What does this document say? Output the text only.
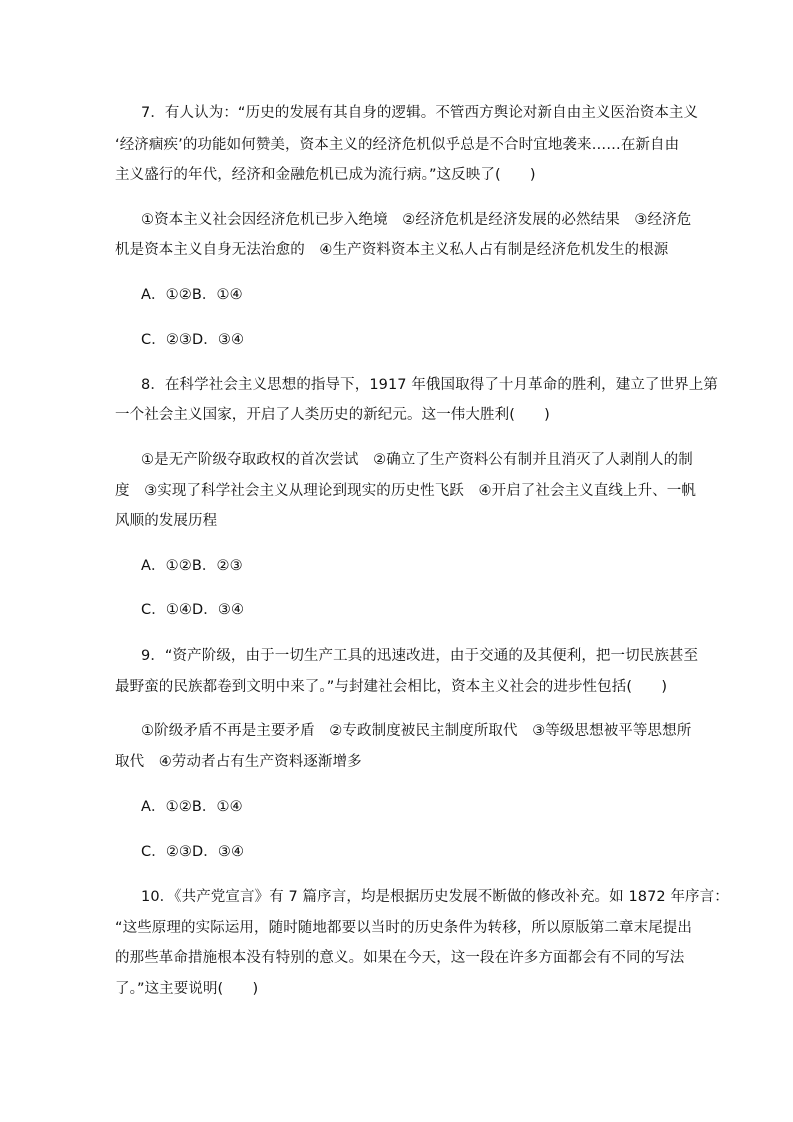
7．有人认为：“历史的发展有其自身的逻辑。不管西方舆论对新自由主义医治资本主义
‘经济痼疾’的功能如何赞美，资本主义的经济危机似乎总是不合时宜地袭来……在新自由
主义盛行的年代，经济和金融危机已成为流行病。”这反映了(　　)
①资本主义社会因经济危机已步入绝境　②经济危机是经济发展的必然结果　③经济危
机是资本主义自身无法治愈的　④生产资料资本主义私人占有制是经济危机发生的根源
A．①②B．①④
C．②③D．③④
8．在科学社会主义思想的指导下，1917 年俄国取得了十月革命的胜利，建立了世界上第
一个社会主义国家，开启了人类历史的新纪元。这一伟大胜利(　　)
①是无产阶级夺取政权的首次尝试　②确立了生产资料公有制并且消灭了人剥削人的制
度　③实现了科学社会主义从理论到现实的历史性飞跃　④开启了社会主义直线上升、一帆
风顺的发展历程
A．①②B．②③
C．①④D．③④
9．“资产阶级，由于一切生产工具的迅速改进，由于交通的及其便利，把一切民族甚至
最野蛮的民族都卷到文明中来了。”与封建社会相比，资本主义社会的进步性包括(　　)
①阶级矛盾不再是主要矛盾　②专政制度被民主制度所取代　③等级思想被平等思想所
取代　④劳动者占有生产资料逐渐增多
A．①②B．①④
C．②③D．③④
10．《共产党宣言》有 7 篇序言，均是根据历史发展不断做的修改补充。如 1872 年序言：
“这些原理的实际运用，随时随地都要以当时的历史条件为转移，所以原版第二章末尾提出
的那些革命措施根本没有特别的意义。如果在今天，这一段在许多方面都会有不同的写法
了。”这主要说明(　　)
